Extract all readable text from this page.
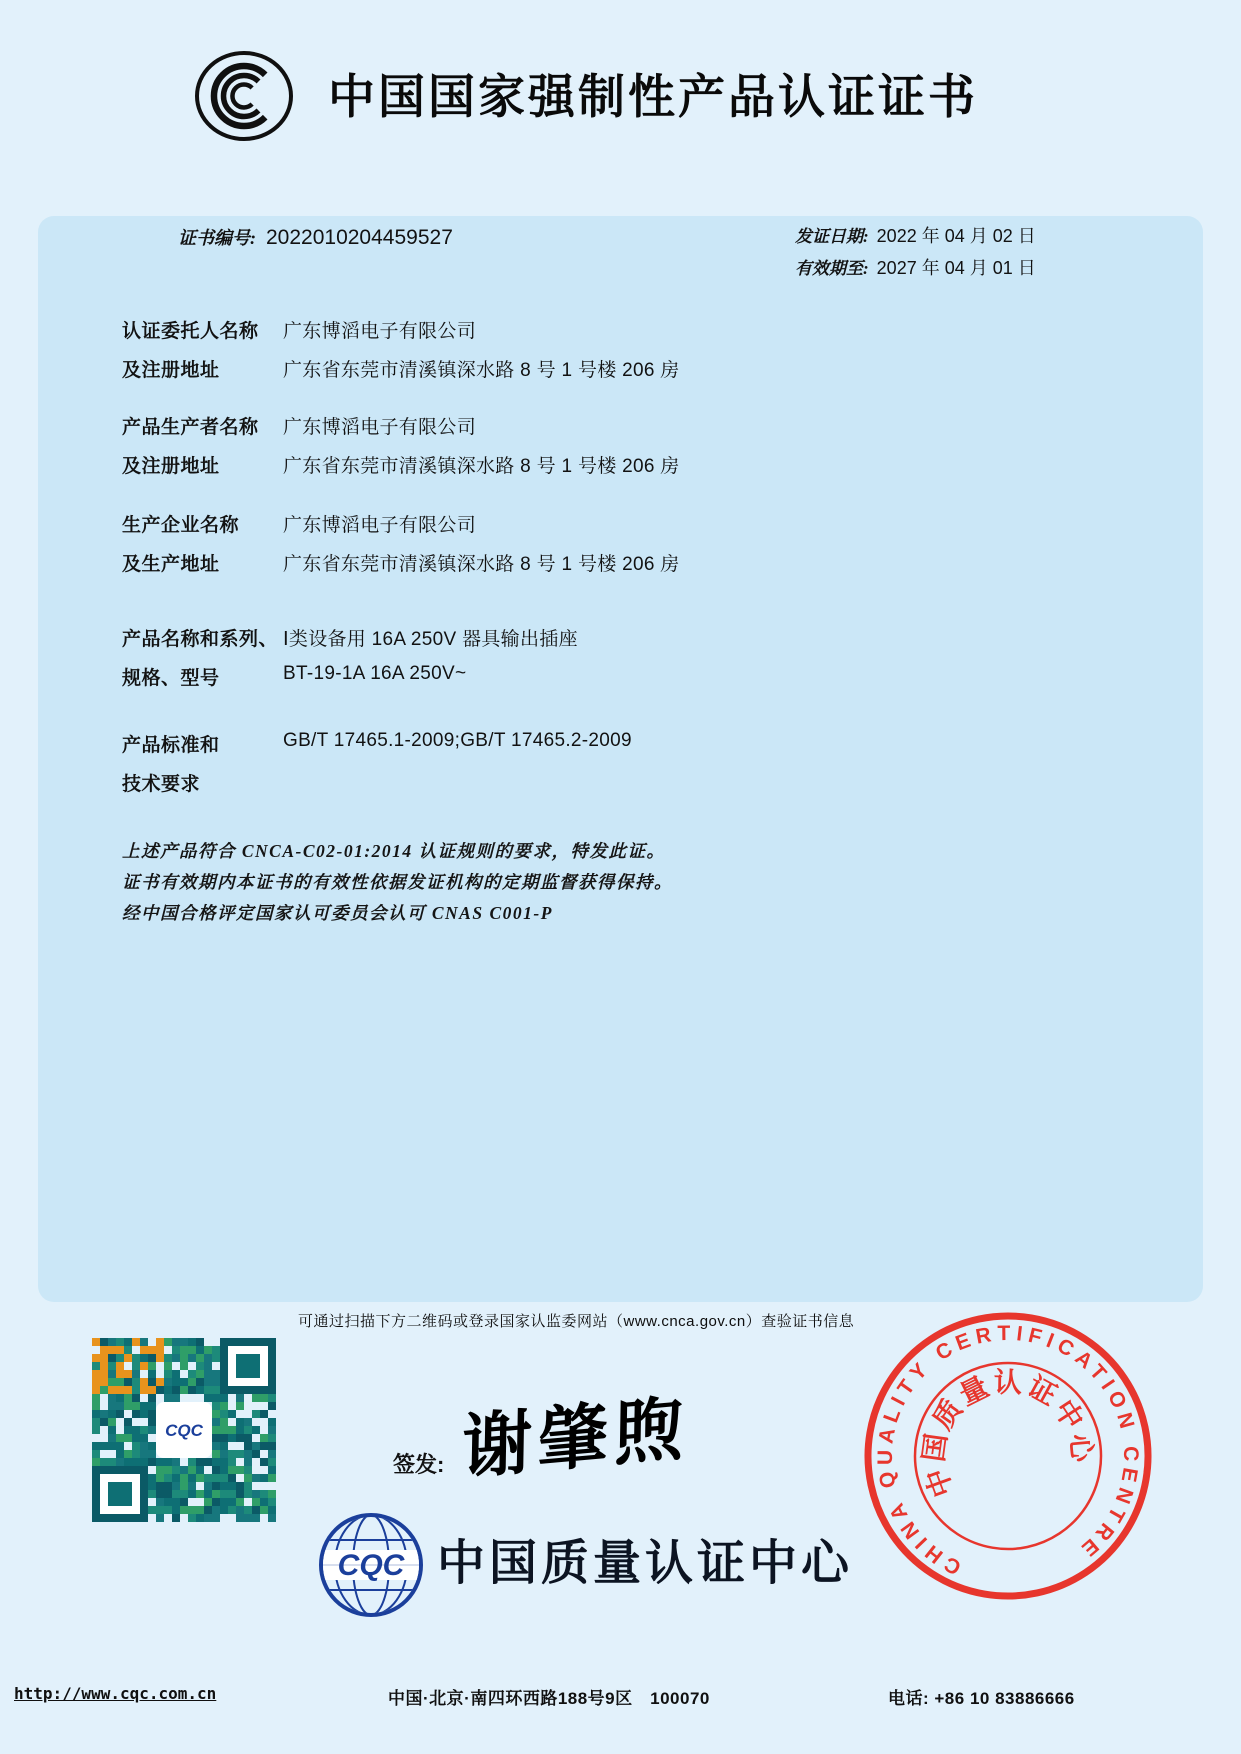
中国国家强制性产品认证证书
证书编号: 2022010204459527	发证日期: 2022 年 04 月 02 日
有效期至: 2027 年 04 月 01 日
认证委托人名称	广东博滔电子有限公司
及注册地址	广东省东莞市清溪镇深水路 8 号 1 号楼 206 房
产品生产者名称	广东博滔电子有限公司
及注册地址	广东省东莞市清溪镇深水路 8 号 1 号楼 206 房
生产企业名称	广东博滔电子有限公司
及生产地址	广东省东莞市清溪镇深水路 8 号 1 号楼 206 房
产品名称和系列、 Ⅰ类设备用 16A 250V 器具输出插座
规格、型号	BT-19-1A 16A 250V~
产品标准和	GB/T 17465.1-2009;GB/T 17465.2-2009
技术要求
上述产品符合 CNCA-C02-01:2014 认证规则的要求，特发此证。
证书有效期内本证书的有效性依据发证机构的定期监督获得保持。
经中国合格评定国家认可委员会认可 CNAS C001-P
可通过扫描下方二维码或登录国家认监委网站（www.cnca.gov.cn）查验证书信息
CQC
签发: 谢肇煦
CQC 中国质量认证中心	CHINA QUALITY CERTIFICATION CENTRE
中国质量认证中心
http://www.cqc.com.cn	中国·北京·南四环西路188号9区　100070	电话: +86 10 83886666
